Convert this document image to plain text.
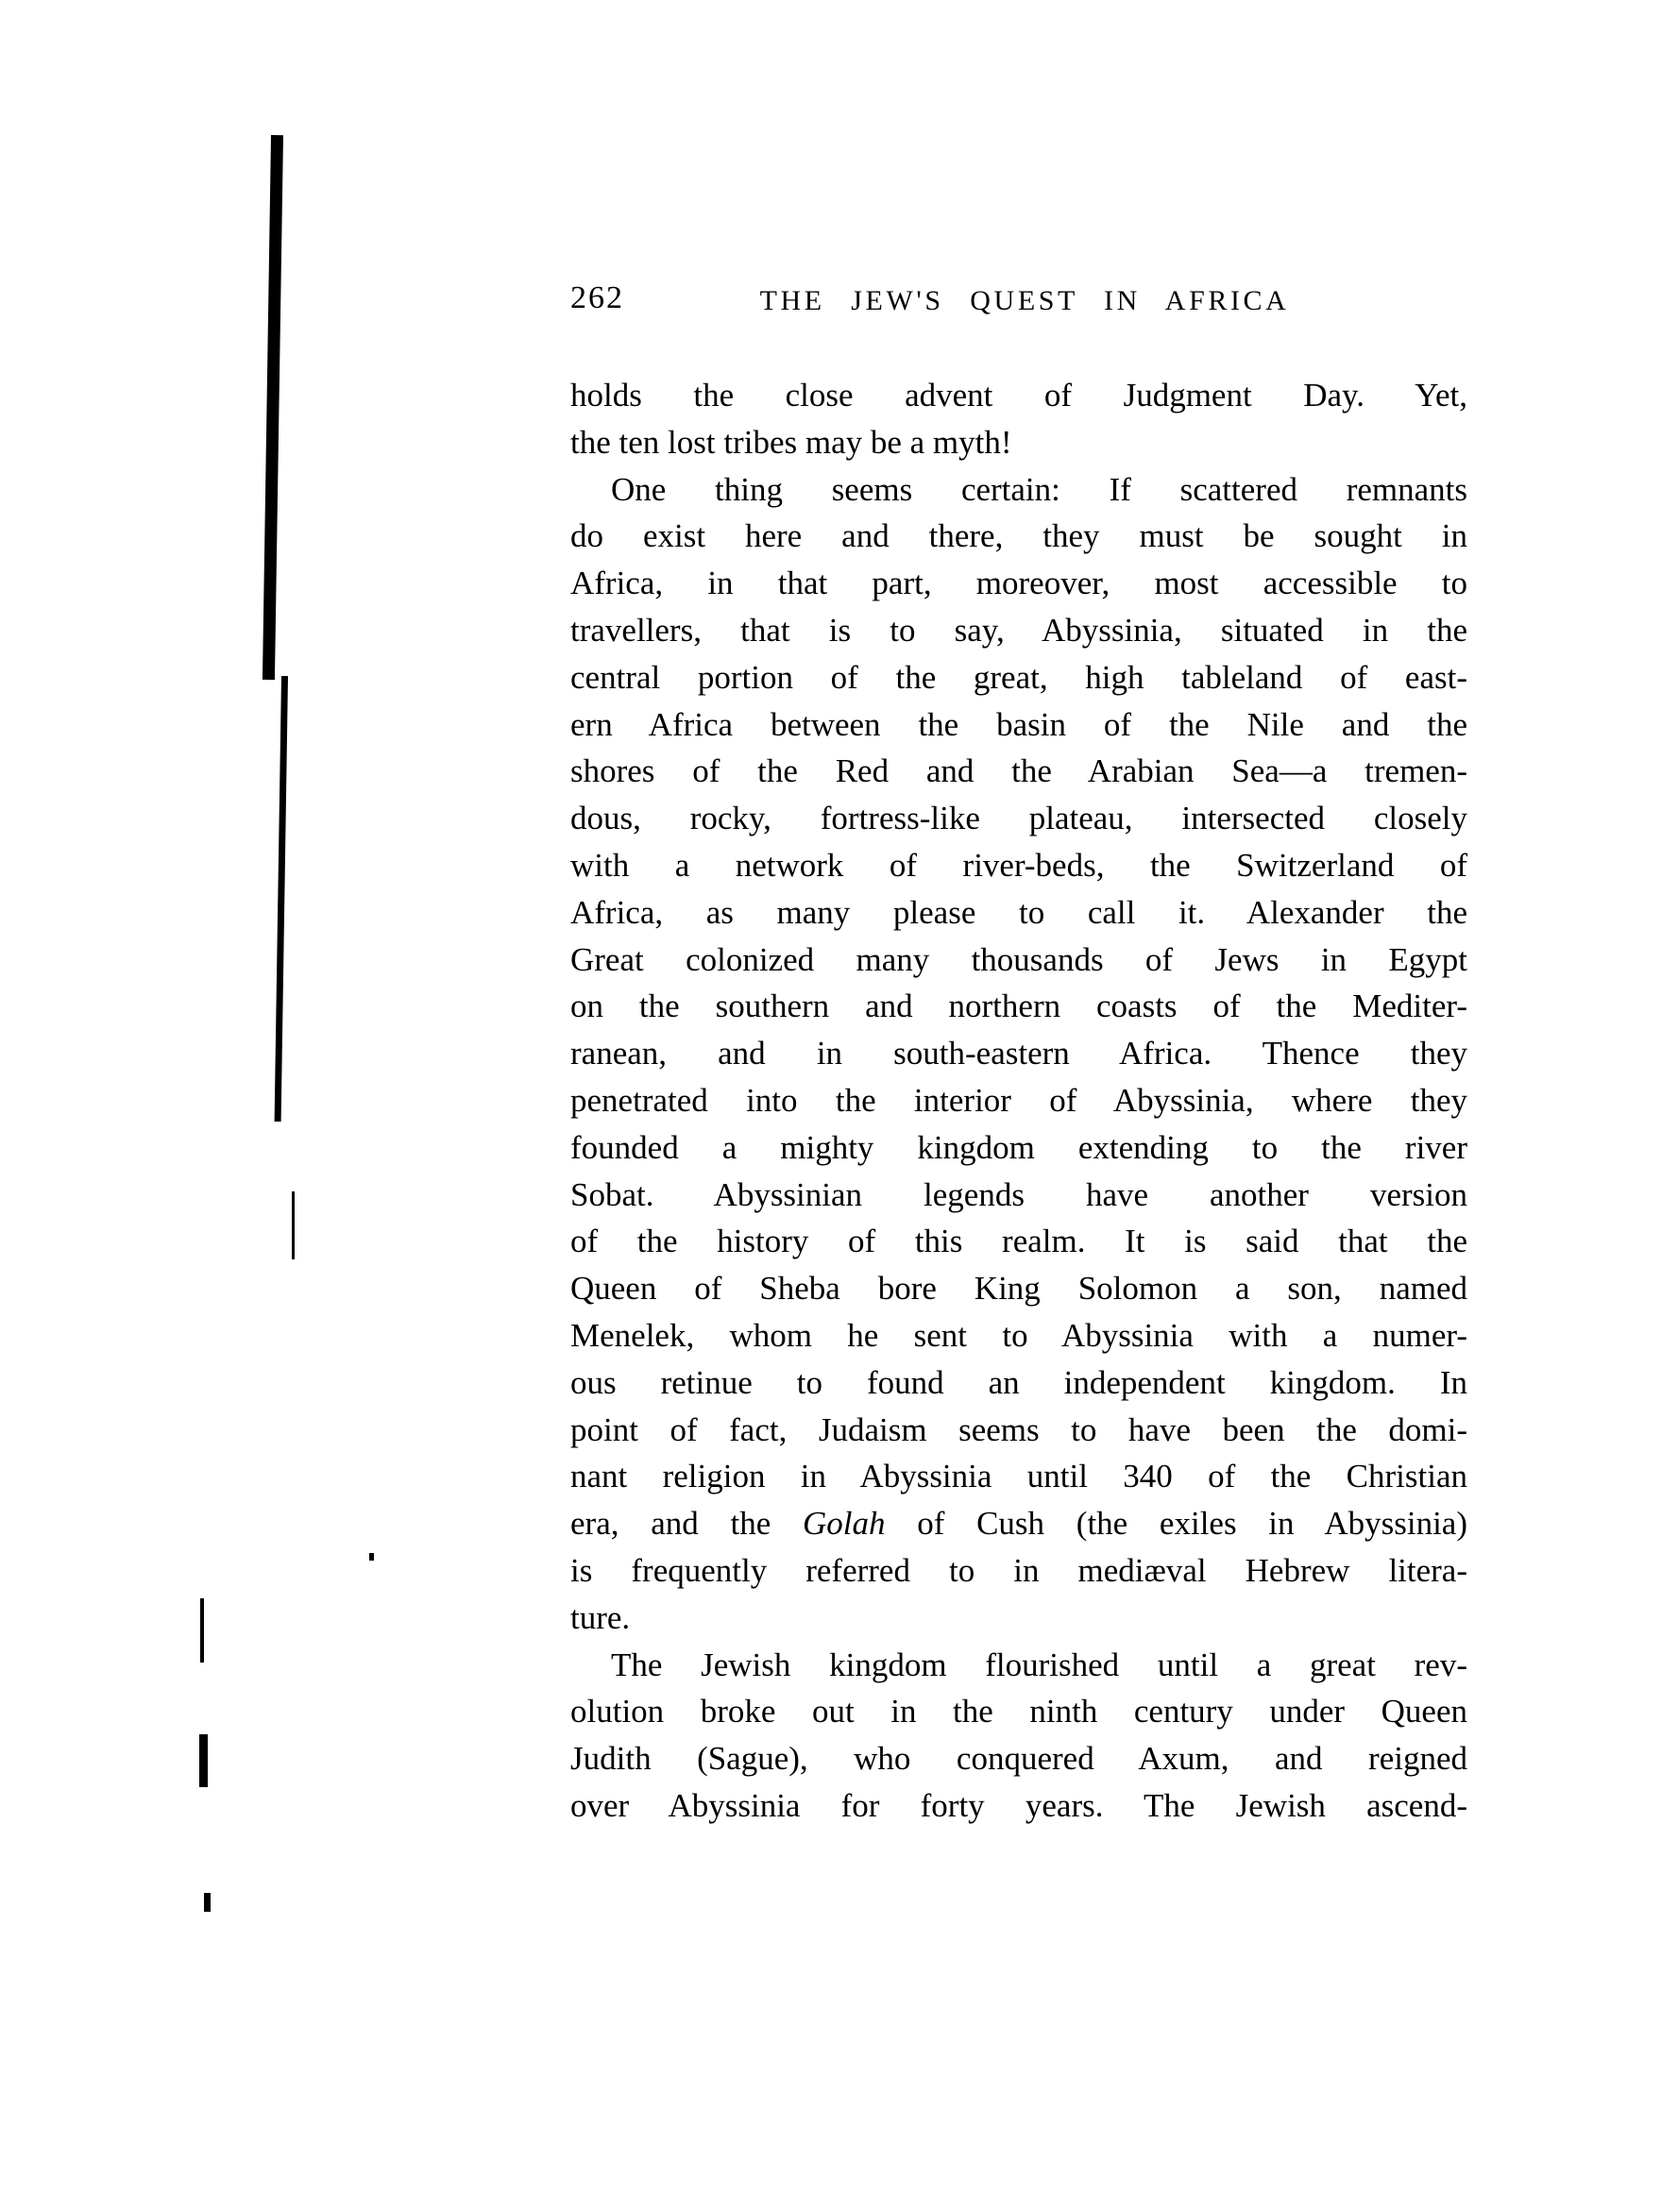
262	THE JEW'S QUEST IN AFRICA
holds the close advent of Judgment Day. Yet,
the ten lost tribes may be a myth!
One thing seems certain: If scattered remnants
do exist here and there, they must be sought in
Africa, in that part, moreover, most accessible to
travellers, that is to say, Abyssinia, situated in the
central portion of the great, high tableland of east-
ern Africa between the basin of the Nile and the
shores of the Red and the Arabian Sea—a tremen-
dous, rocky, fortress-like plateau, intersected closely
with a network of river-beds, the Switzerland of
Africa, as many please to call it. Alexander the
Great colonized many thousands of Jews in Egypt
on the southern and northern coasts of the Mediter-
ranean, and in south-eastern Africa. Thence they
penetrated into the interior of Abyssinia, where they
founded a mighty kingdom extending to the river
Sobat. Abyssinian legends have another version
of the history of this realm. It is said that the
Queen of Sheba bore King Solomon a son, named
Menelek, whom he sent to Abyssinia with a numer-
ous retinue to found an independent kingdom. In
point of fact, Judaism seems to have been the domi-
nant religion in Abyssinia until 340 of the Christian
era, and the Golah of Cush (the exiles in Abyssinia)
is frequently referred to in mediæval Hebrew litera-
ture.
The Jewish kingdom flourished until a great rev-
olution broke out in the ninth century under Queen
Judith (Sague), who conquered Axum, and reigned
over Abyssinia for forty years. The Jewish ascend-
